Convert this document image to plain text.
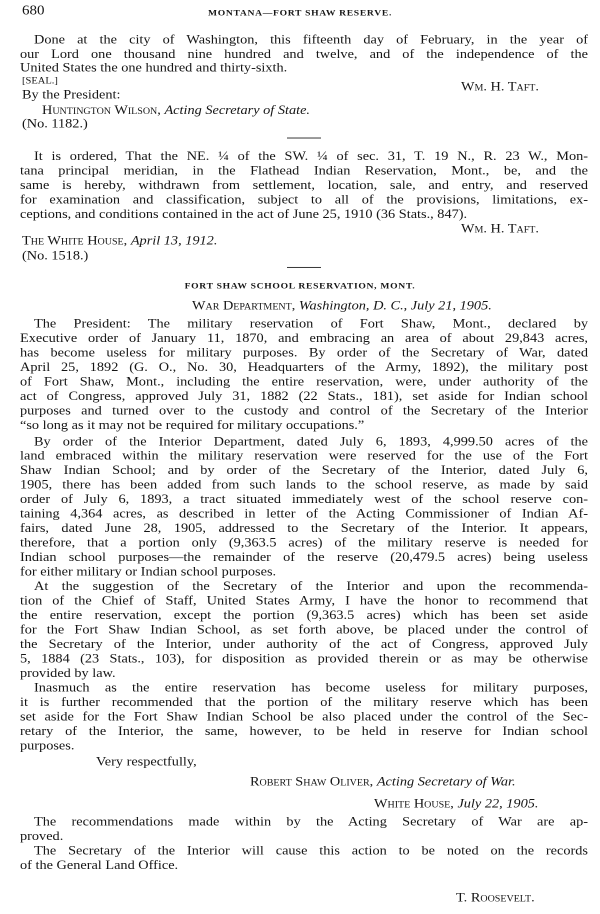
680	MONTANA—FORT SHAW RESERVE.
Done at the city of Washington, this fifteenth day of February, in the year of
our Lord one thousand nine hundred and twelve, and of the independence of the
United States the one hundred and thirty-sixth.
[SEAL.]	Wm. H. Taft.
By the President:
Huntington Wilson, Acting Secretary of State.
(No. 1182.)
It is ordered, That the NE. ¼ of the SW. ¼ of sec. 31, T. 19 N., R. 23 W., Mon-
tana principal meridian, in the Flathead Indian Reservation, Mont., be, and the
same is hereby, withdrawn from settlement, location, sale, and entry, and reserved
for examination and classification, subject to all of the provisions, limitations, ex-
ceptions, and conditions contained in the act of June 25, 1910 (36 Stats., 847).
Wm. H. Taft.
The White House, April 13, 1912.
(No. 1518.)
FORT SHAW SCHOOL RESERVATION, MONT.
War Department, Washington, D. C., July 21, 1905.
The President: The military reservation of Fort Shaw, Mont., declared by
Executive order of January 11, 1870, and embracing an area of about 29,843 acres,
has become useless for military purposes. By order of the Secretary of War, dated
April 25, 1892 (G. O., No. 30, Headquarters of the Army, 1892), the military post
of Fort Shaw, Mont., including the entire reservation, were, under authority of the
act of Congress, approved July 31, 1882 (22 Stats., 181), set aside for Indian school
purposes and turned over to the custody and control of the Secretary of the Interior
“so long as it may not be required for military occupations.”
By order of the Interior Department, dated July 6, 1893, 4,999.50 acres of the
land embraced within the military reservation were reserved for the use of the Fort
Shaw Indian School; and by order of the Secretary of the Interior, dated July 6,
1905, there has been added from such lands to the school reserve, as made by said
order of July 6, 1893, a tract situated immediately west of the school reserve con-
taining 4,364 acres, as described in letter of the Acting Commissioner of Indian Af-
fairs, dated June 28, 1905, addressed to the Secretary of the Interior. It appears,
therefore, that a portion only (9,363.5 acres) of the military reserve is needed for
Indian school purposes—the remainder of the reserve (20,479.5 acres) being useless
for either military or Indian school purposes.
At the suggestion of the Secretary of the Interior and upon the recommenda-
tion of the Chief of Staff, United States Army, I have the honor to recommend that
the entire reservation, except the portion (9,363.5 acres) which has been set aside
for the Fort Shaw Indian School, as set forth above, be placed under the control of
the Secretary of the Interior, under authority of the act of Congress, approved July
5, 1884 (23 Stats., 103), for disposition as provided therein or as may be otherwise
provided by law.
Inasmuch as the entire reservation has become useless for military purposes,
it is further recommended that the portion of the military reserve which has been
set aside for the Fort Shaw Indian School be also placed under the control of the Sec-
retary of the Interior, the same, however, to be held in reserve for Indian school
purposes.
Very respectfully,
Robert Shaw Oliver, Acting Secretary of War.
White House, July 22, 1905.
The recommendations made within by the Acting Secretary of War are ap-
proved.
The Secretary of the Interior will cause this action to be noted on the records
of the General Land Office.
T. Roosevelt.
